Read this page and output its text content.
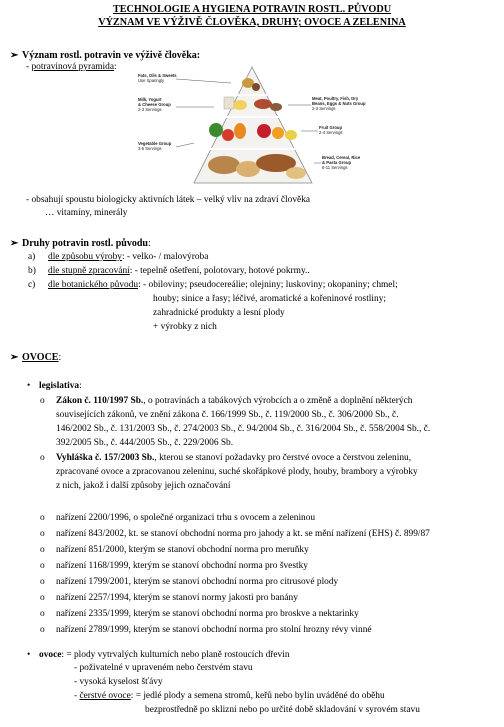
TECHNOLOGIE A HYGIENA POTRAVIN ROSTL. PŮVODU
VÝZNAM VE VÝŽIVĚ ČLOVĚKA, DRUHY; OVOCE A ZELENINA
➢ Význam rostl. potravin ve výživě člověka:
- potravinová pyramida:
Fats, Oils & Sweets
Use Sparingly
Milk, Yogurt
& Cheese Group
2-3 Servings
Vegetable Group
3-5 Servings
Meat, Poultry, Fish, Dry
Beans, Eggs & Nuts Group
2-3 Servings
Fruit Group
2-4 Servings
Bread, Cereal, Rice
& Pasta Group
6-11 Servings
- obsahují spoustu biologicky aktivních látek – velký vliv na zdraví člověka
… vitamíny, minerály
➢ Druhy potravin rostl. původu:
a) dle způsobu výroby: - velko- / malovýroba
b) dle stupně zpracování: - tepelně ošetření, polotovary, hotové pokrmy..
c) dle botanického původu: - obiloviny; pseudocereálie; olejniny; luskoviny; okopaniny; chmel;
houby; sinice a řasy; léčivé, aromatické a kořeninové rostliny;
zahradnické produkty a lesní plody
+ výrobky z nich
➢ OVOCE:
• legislativa:
o Zákon č. 110/1997 Sb., o potravinách a tabákových výrobcích a o změně a doplnění některých
souvisejících zákonů, ve znění zákona č. 166/1999 Sb., č. 119/2000 Sb., č. 306/2000 Sb., č.
146/2002 Sb., č. 131/2003 Sb., č. 274/2003 Sb., č. 94/2004 Sb., č. 316/2004 Sb., č. 558/2004 Sb., č.
392/2005 Sb., č. 444/2005 Sb., č. 229/2006 Sb.
o Vyhláška č. 157/2003 Sb., kterou se stanoví požadavky pro čerstvé ovoce a čerstvou zeleninu,
zpracované ovoce a zpracovanou zeleninu, suché skořápkové plody, houby, brambory a výrobky
z nich, jakož i další způsoby jejich označování
o nařízení 2200/1996, o společné organizaci trhu s ovocem a zeleninou
o nařízení 843/2002, kt. se stanoví obchodní norma pro jahody a kt. se mění nařízení (EHS) č. 899/87
o nařízení 851/2000, kterým se stanoví obchodní norma pro meruňky
o nařízení 1168/1999, kterým se stanoví obchodní norma pro švestky
o nařízení 1799/2001, kterým se stanoví obchodní norma pro citrusové plody
o nařízení 2257/1994, kterým se stanoví normy jakosti pro banány
o nařízení 2335/1999, kterým se stanoví obchodní norma pro broskve a nektarinky
o nařízení 2789/1999, kterým se stanoví obchodní norma pro stolní hrozny révy vinné
• ovoce: = plody vytrvalých kulturních nebo planě rostoucích dřevin
- poživatelné v upraveném nebo čerstvém stavu
- vysoká kyselost šťávy
- čerstvé ovoce: = jedlé plody a semena stromů, keřů nebo bylin uváděné do oběhu
bezprostředně po sklizni nebo po určité době skladování v syrovém stavu
